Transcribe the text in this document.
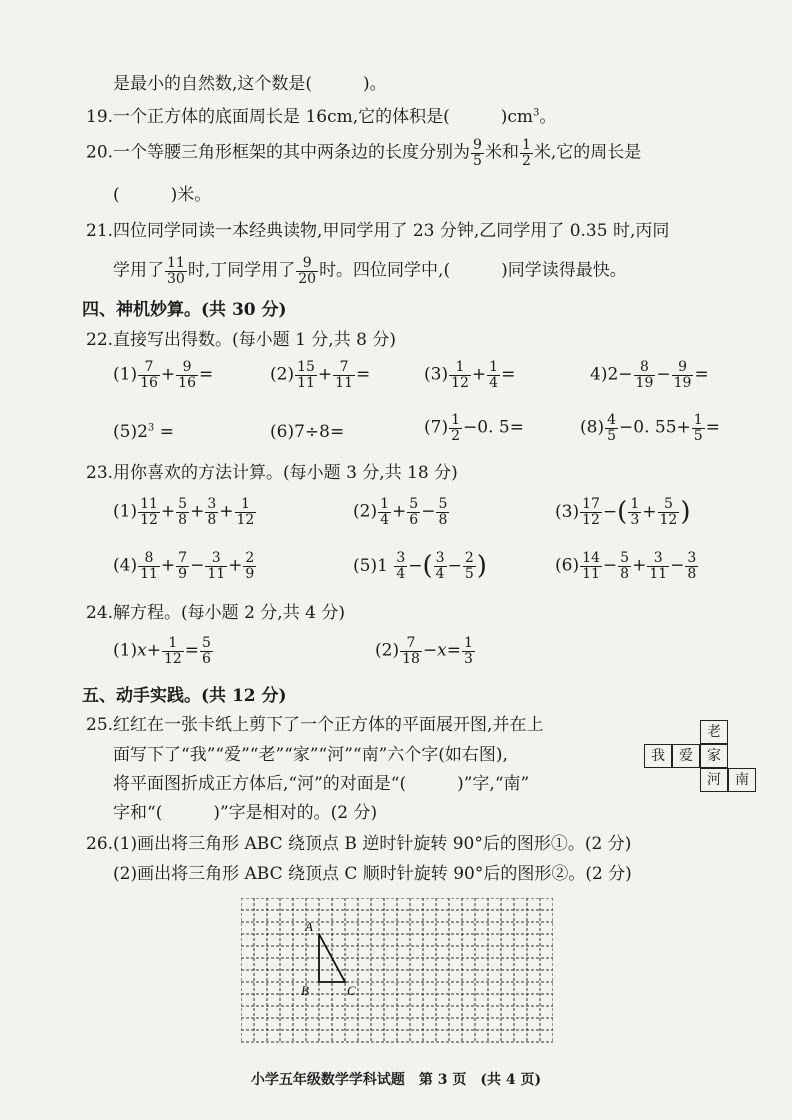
是最小的自然数,这个数是(　　　)。
19.一个正方体的底面周长是 16cm,它的体积是(　　　)$cm^3$。
20.一个等腰三角形框架的其中两条边的长度分别为 $\frac{9}{5}$ 米和 $\frac{1}{2}$ 米,它的周长是
(　　　)米。
21.四位同学同读一本经典读物,甲同学用了 23 分钟,乙同学用了 0.35 时,丙同
学用了 $\frac{11}{30}$ 时,丁同学用了 $\frac{9}{20}$ 时。四位同学中,(　　　)同学读得最快。
四、神机妙算。(共 30 分)
22.直接写出得数。(每小题 1 分,共 8 分)
$(1) \frac{7}{16} + \frac{9}{16}$ =	$(2) \frac{15}{11} + \frac{7}{11}$ =	$(3) \frac{1}{12} + \frac{1}{4}$ =	$4)2- \frac{8}{19} - \frac{9}{19}$ =
$(5)2^3$ =	(6)7÷8=	$(7) \frac{1}{2} -0$. 5=	$(8) \frac{4}{5} -0$. $55+ \frac{1}{5}$ =
23.用你喜欢的方法计算。(每小题 3 分,共 18 分)
$(1) \frac{11}{12} + \frac{5}{8} + \frac{3}{8} + \frac{1}{12}$	$(2) \frac{1}{4} + \frac{5}{6} - \frac{5}{8}$	$(3) \frac{17}{12}$ −( $\frac{1}{3} + \frac{5}{12}$ )
$(4) \frac{8}{11} + \frac{7}{9} - \frac{3}{11} + \frac{2}{9}$	$(5)1 \frac{3}{4}$ −( $\frac{3}{4} - \frac{2}{5}$ )	$(6) \frac{14}{11} - \frac{5}{8} + \frac{3}{11} - \frac{3}{8}$
24.解方程。(每小题 2 分,共 4 分)
$(1)x+ \frac{1}{12} = \frac{5}{6}$	$(2) \frac{7}{18} -x= \frac{1}{3}$
五、动手实践。(共 12 分)
25.红红在一张卡纸上剪下了一个正方体的平面展开图,并在上
面写下了“我”“爱”“老”“家”“河”“南”六个字(如右图),
将平面图折成正方体后,“河”的对面是“(　　　)”字,“南”
字和“(　　　)”字是相对的。(2 分)
老
我	爱	家
河	南
26.(1)画出将三角形 ABC 绕顶点 B 逆时针旋转 90°后的图形①。(2 分)
(2)画出将三角形 ABC 绕顶点 C 顺时针旋转 90°后的图形②。(2 分)
A
B	C
小学五年级数学学科试题　第 3 页　(共 4 页)
